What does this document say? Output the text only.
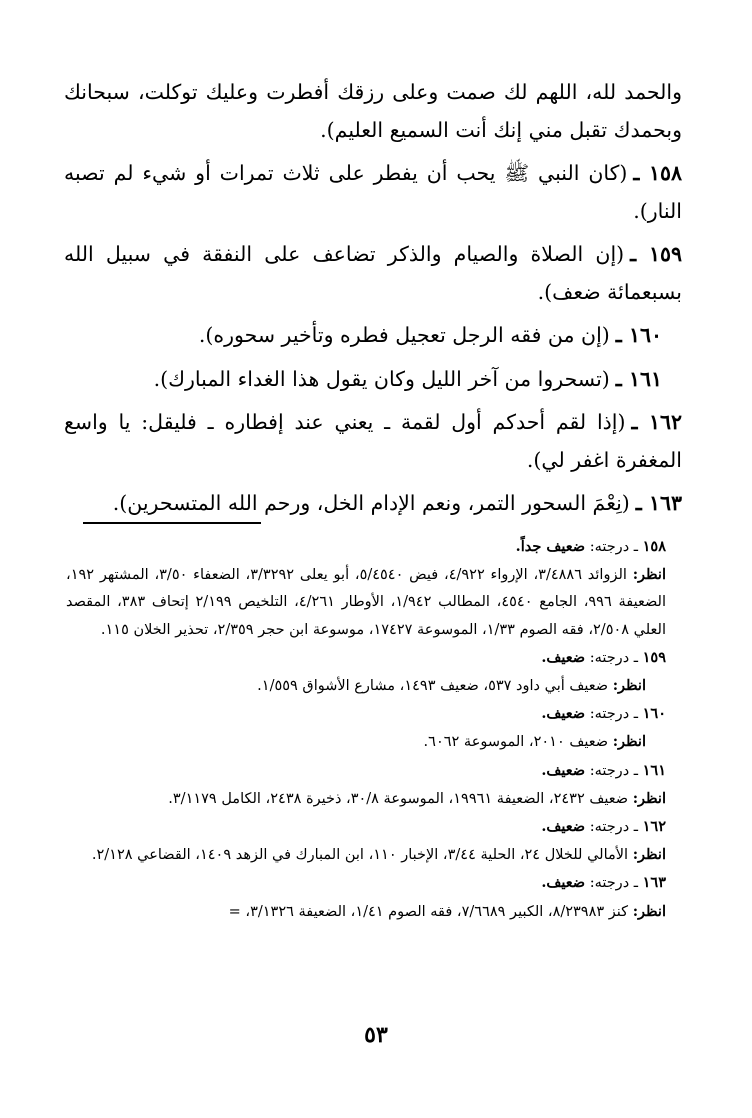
والحمد لله، اللهم لك صمت وعلى رزقك أفطرت وعليك توكلت، سبحانك وبحمدك تقبل مني إنك أنت السميع العليم).

١٥٨ ـ(كان النبي ﷺ يحب أن يفطر على ثلاث تمرات أو شيء لم تصبه النار).

١٥٩ ـ(إن الصلاة والصيام والذكر تضاعف على النفقة في سبيل الله بسبعمائة ضعف).

١٦٠ ـ(إن من فقه الرجل تعجيل فطره وتأخير سحوره).

١٦١ ـ(تسحروا من آخر الليل وكان يقول هذا الغداء المبارك).

١٦٢ ـ(إذا لقم أحدكم أول لقمة ـ يعني عند إفطاره ـ فليقل: يا واسع المغفرة اغفر لي).

١٦٣ ـ(نِعْمَ السحور التمر، ونعم الإدام الخل، ورحم الله المتسحرين).

١٥٨ ـ درجته: ضعيف جداً.

انظر: الزوائد ٣/٤٨٨٦، الإرواء ٤/٩٢٢، فيض ٥/٤٥٤٠، أبو يعلى ٣/٣٢٩٢، الضعفاء ٣/٥٠، المشتهر ١٩٢، الضعيفة ٩٩٦، الجامع ٤٥٤٠، المطالب ١/٩٤٢، الأوطار ٤/٢٦١، التلخيص ٢/١٩٩ إتحاف ٣٨٣، المقصد العلي ٢/٥٠٨، فقه الصوم ١/٣٣، الموسوعة ١٧٤٢٧، موسوعة ابن حجر ٢/٣٥٩، تحذير الخلان ١١٥.

١٥٩ ـ درجته: ضعيف.

انظر: ضعيف أبي داود ٥٣٧، ضعيف ١٤٩٣، مشارع الأشواق ١/٥٥٩.

١٦٠ ـ درجته: ضعيف.

انظر: ضعيف ٢٠١٠، الموسوعة ٦٠٦٢.

١٦١ ـ درجته: ضعيف.

انظر: ضعيف ٢٤٣٢، الضعيفة ١٩٩٦١، الموسوعة ٣٠/٨، ذخيرة ٢٤٣٨، الكامل ٣/١١٧٩.

١٦٢ ـ درجته: ضعيف.

انظر: الأمالي للخلال ٢٤، الحلية ٣/٤٤، الإخبار ١١٠، ابن المبارك في الزهد ١٤٠٩، القضاعي ٢/١٢٨.

١٦٣ ـ درجته: ضعيف.

انظر: كنز ٨/٢٣٩٨٣، الكبير ٧/٦٦٨٩، فقه الصوم ١/٤١، الضعيفة ٣/١٣٢٦، =

٥٣
